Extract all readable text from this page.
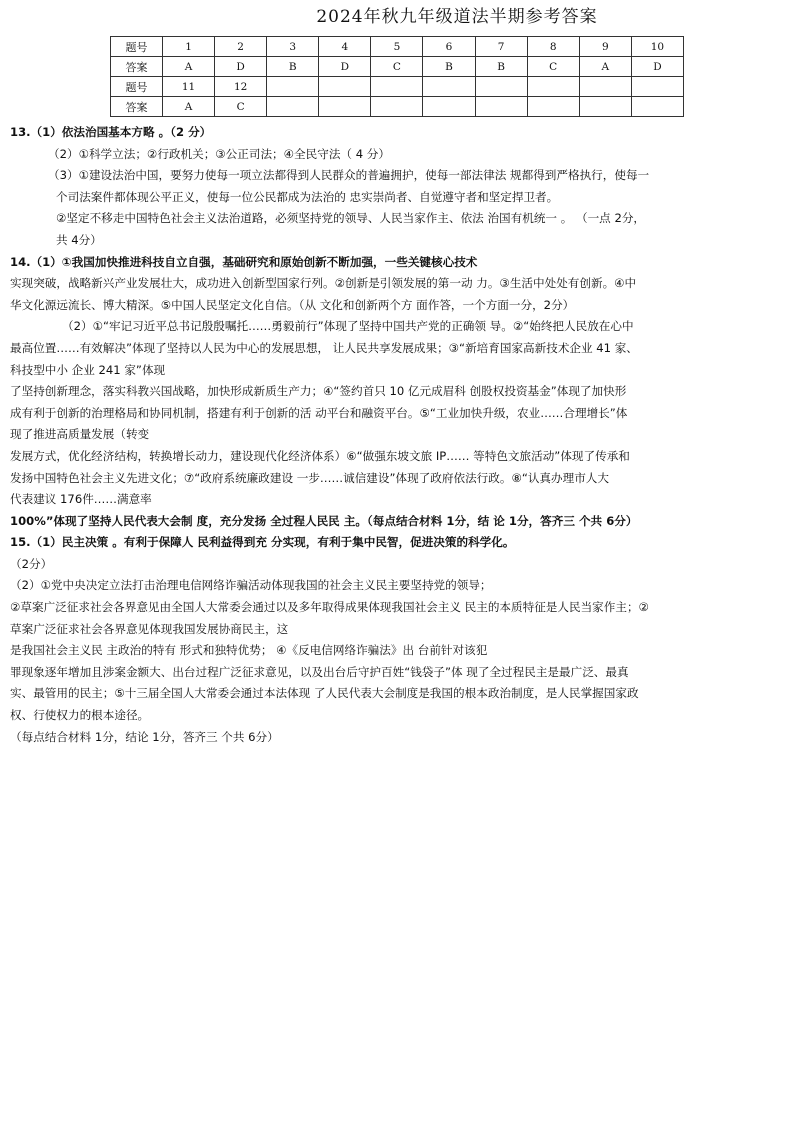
2024年秋九年级道法半期参考答案
题号	1	2	3	4	5	6	7	8	9	10
答案	A	D	B	D	C	B	B	C	A	D
题号	11	12								
答案	A	C								

13.（1）依法治国基本方略 。（2 分）

（2）①科学立法；②行政机关；③公正司法；④全民守法（ 4 分）

（3）①建设法治中国，要努力使每一项立法都得到人民群众的普遍拥护，使每一部法律法 规都得到严格执行，使每一

个司法案件都体现公平正义，使每一位公民都成为法治的 忠实崇尚者、自觉遵守者和坚定捍卫者。

②坚定不移走中国特色社会主义法治道路，必须坚持党的领导、人民当家作主、依法 治国有机统一 。 （一点 2分，

共 4分）

14.（1）①我国加快推进科技自立自强，基础研究和原始创新不断加强，一些关键核心技术

实现突破，战略新兴产业发展壮大，成功进入创新型国家行列。②创新是引领发展的第一动 力。③生活中处处有创新。④中

华文化源远流长、博大精深。⑤中国人民坚定文化自信。（从 文化和创新两个方 面作答，一个方面一分，2分）

（2）①“牢记习近平总书记殷殷嘱托……勇毅前行”体现了坚持中国共产党的正确领 导。②“始终把人民放在心中

最高位置……有效解决”体现了坚持以人民为中心的发展思想， 让人民共享发展成果；③“新培育国家高新技术企业 41 家、

科技型中小 企业 241 家”体现

了坚持创新理念，落实科教兴国战略，加快形成新质生产力；④“签约首只 10 亿元成眉科 创股权投资基金”体现了加快形

成有利于创新的治理格局和协同机制，搭建有利于创新的活 动平台和融资平台。⑤“工业加快升级，农业……合理增长”体

现了推进高质量发展（转变

发展方式，优化经济结构，转换增长动力，建设现代化经济体系）⑥“做强东坡文旅 IP…… 等特色文旅活动”体现了传承和

发扬中国特色社会主义先进文化；⑦“政府系统廉政建设 一步……诚信建设”体现了政府依法行政。⑧“认真办理市人大

代表建议 176件……满意率

100%”体现了坚持人民代表大会制 度，充分发扬 全过程人民民 主。（每点结合材料 1分，结 论 1分，答齐三 个共 6分）

15.（1）民主决策 。有利于保障人 民利益得到充 分实现，有利于集中民智，促进决策的科学化。

（2分）

（2）①党中央决定立法打击治理电信网络诈骗活动体现我国的社会主义民主要坚持党的领导；

②草案广泛征求社会各界意见由全国人大常委会通过以及多年取得成果体现我国社会主义 民主的本质特征是人民当家作主；②

草案广泛征求社会各界意见体现我国发展协商民主，这

是我国社会主义民 主政治的特有 形式和独特优势； ④《反电信网络诈骗法》出 台前针对该犯

罪现象逐年增加且涉案金额大、出台过程广泛征求意见，以及出台后守护百姓“钱袋子”体 现了全过程民主是最广泛、最真

实、最管用的民主；⑤十三届全国人大常委会通过本法体现 了人民代表大会制度是我国的根本政治制度，是人民掌握国家政

权、行使权力的根本途径。

（每点结合材料 1分，结论 1分，答齐三 个共 6分）
